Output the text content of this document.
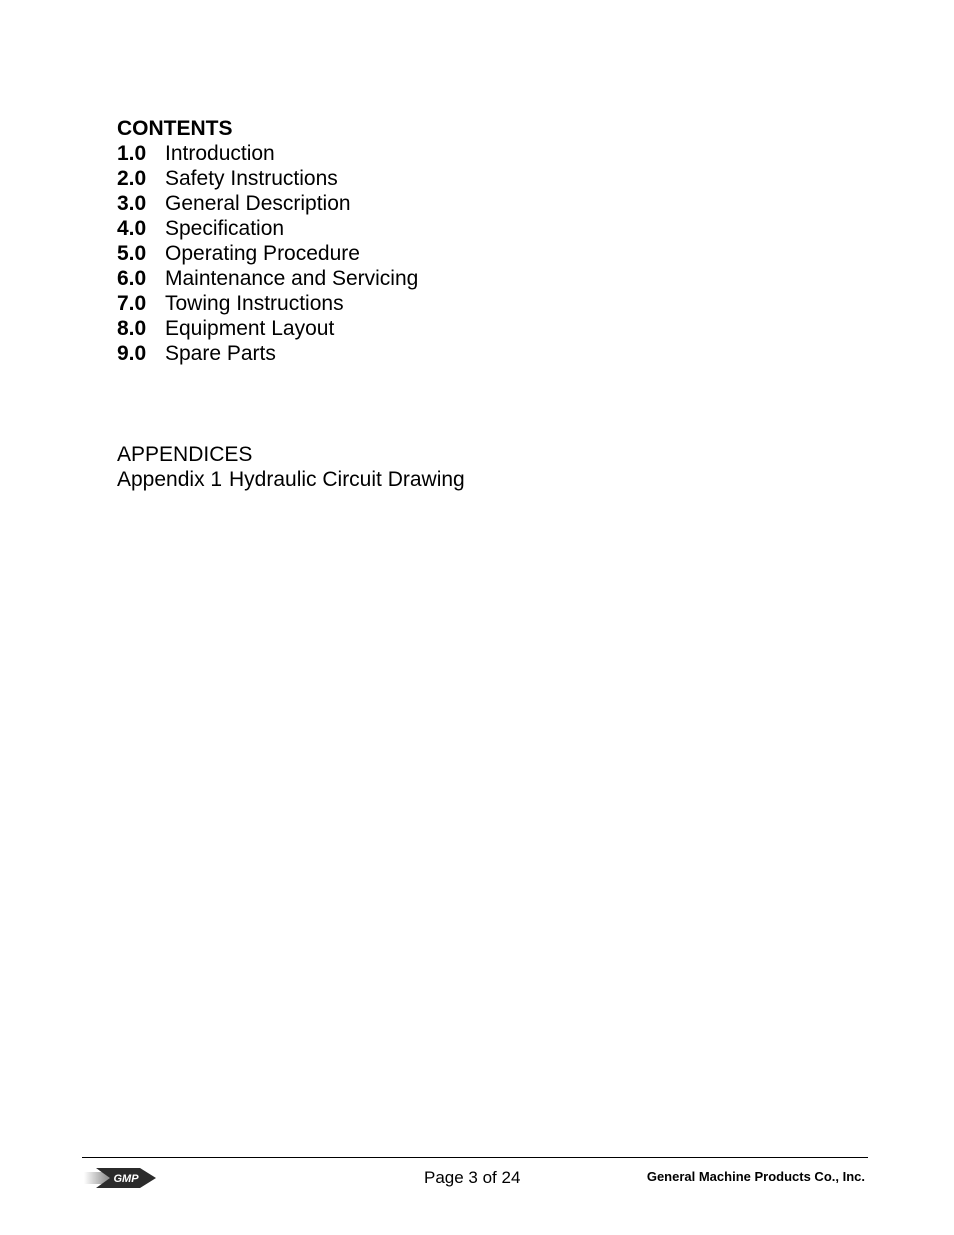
CONTENTS
1.0 Introduction
2.0 Safety Instructions
3.0 General Description
4.0 Specification
5.0 Operating Procedure
6.0 Maintenance and Servicing
7.0 Towing Instructions
8.0 Equipment Layout
9.0 Spare Parts
APPENDICES
Appendix 1 Hydraulic Circuit Drawing
GMP	Page 3 of 24	General Machine Products Co., Inc.
